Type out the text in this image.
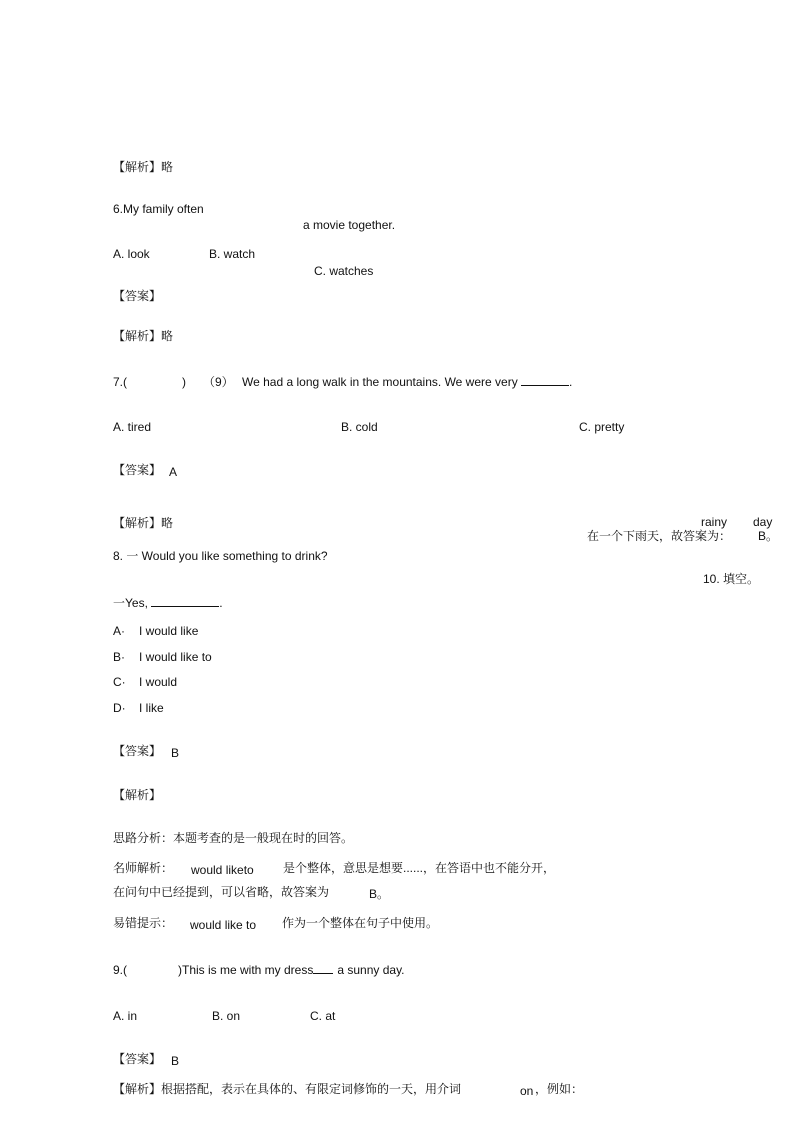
【解析】略
6.My family often
a movie together.
A. look	B. watch
C. watches
【答案】
【解析】略
7.(	) （9） We had a long walk in the mountains. We were very	.
A. tired	B. cold	C. pretty
【答案】 A
【解析】略	rainy day
在一个下雨天，故答案为： B。
10. 填空。
8. 一 Would you like something to drink?
一Yes,	.
A· I would like
B· I would like to
C· I would
D· I like
【答案】 B
【解析】
思路分析：本题考查的是一般现在时的回答。
名师解析： would liketo 是个整体，意思是想要......，在答语中也不能分开，
在问句中已经提到，可以省略，故答案为	B。
易错提示： would like to 作为一个整体在句子中使用。
9.(	)This is me with my dress a sunny day.
A. in	B. on	C. at
【答案】 B
【解析】根据搭配，表示在具体的、有限定词修饰的一天，用介词	on ，例如：
